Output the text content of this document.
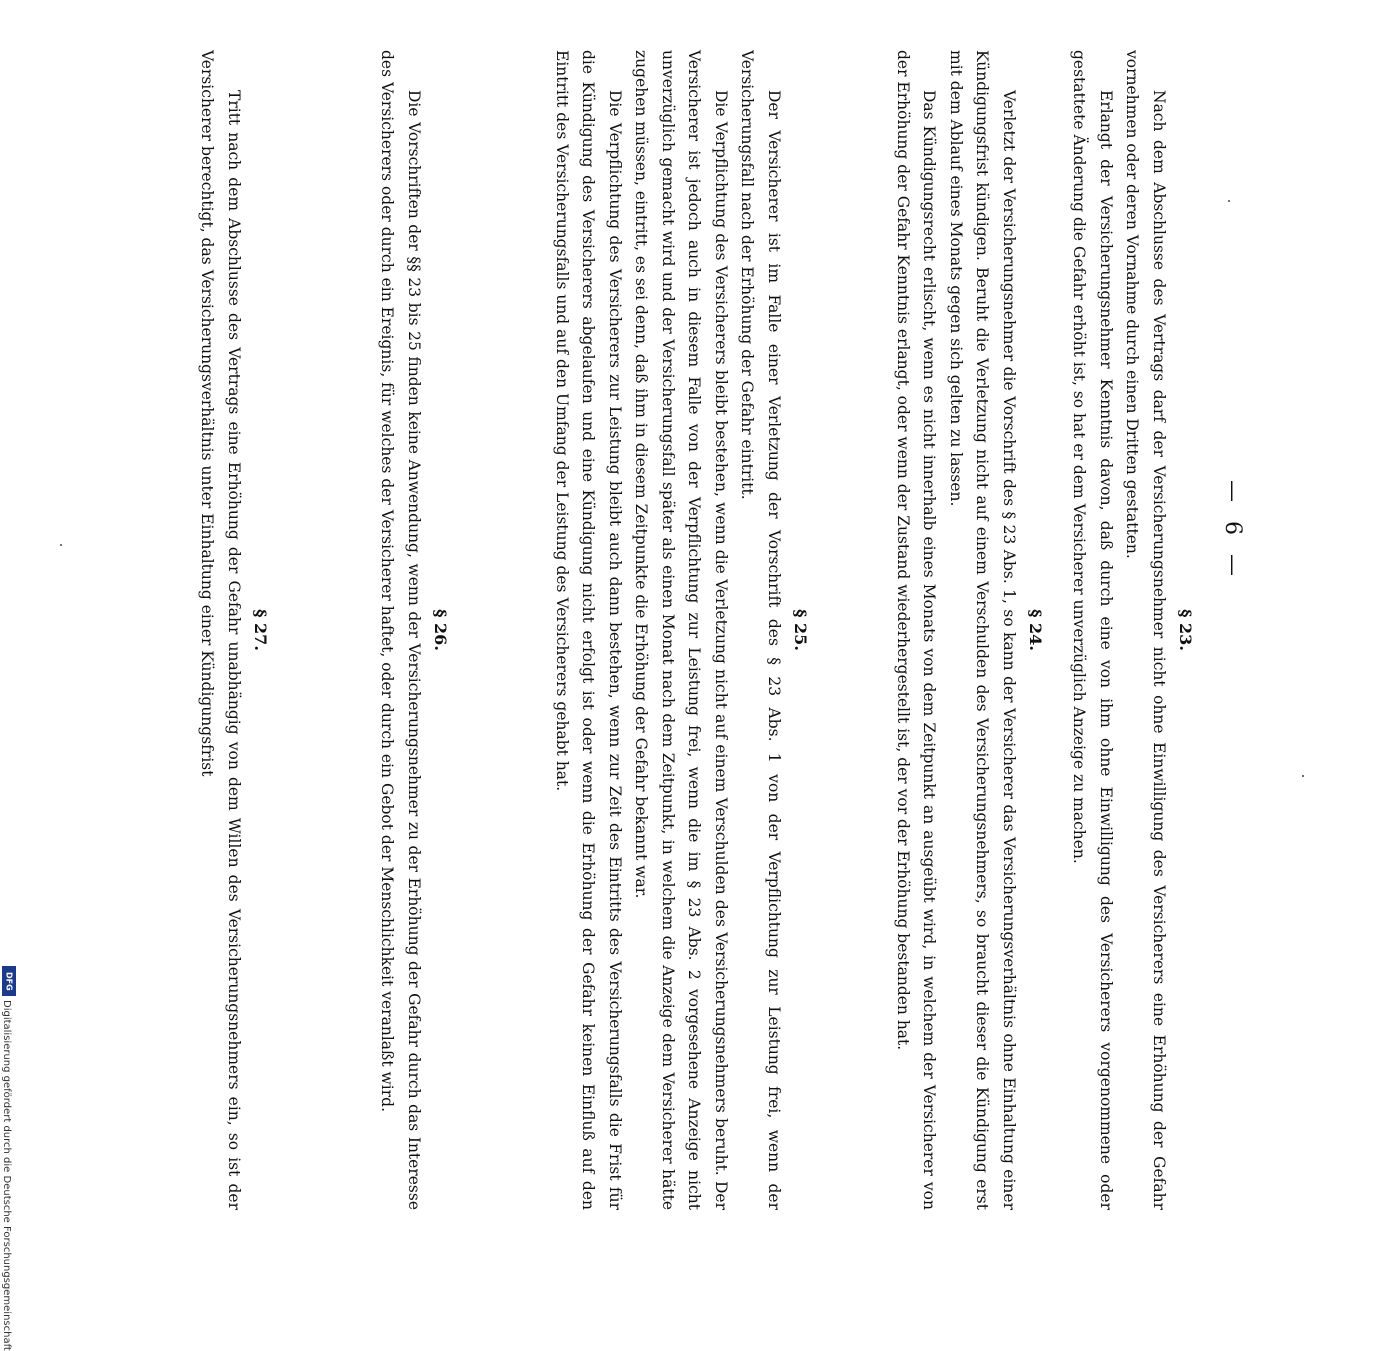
— 6 —

§ 23.

Nach dem Abschlusse des Vertrags darf der Versicherungsnehmer nicht ohne Einwilligung des Versicherers eine Erhöhung der Gefahr vornehmen oder deren Vornahme durch einen Dritten gestatten.

Erlangt der Versicherungsnehmer Kenntnis davon, daß durch eine von ihm ohne Einwilligung des Versicherers vorgenommene oder gestattete Änderung die Gefahr erhöht ist, so hat er dem Versicherer unverzüglich Anzeige zu machen.

§ 24.

Verletzt der Versicherungsnehmer die Vorschrift des § 23 Abs. 1, so kann der Versicherer das Versicherungsverhältnis ohne Einhaltung einer Kündigungsfrist kündigen. Beruht die Verletzung nicht auf einem Verschulden des Versicherungsnehmers, so braucht dieser die Kündigung erst mit dem Ablauf eines Monats gegen sich gelten zu lassen.

Das Kündigungsrecht erlischt, wenn es nicht innerhalb eines Monats von dem Zeitpunkt an ausgeübt wird, in welchem der Versicherer von der Erhöhung der Gefahr Kenntnis erlangt, oder wenn der Zustand wiederhergestellt ist, der vor der Erhöhung bestanden hat.

§ 25.

Der Versicherer ist im Falle einer Verletzung der Vorschrift des § 23 Abs. 1 von der Verpflichtung zur Leistung frei, wenn der Versicherungsfall nach der Erhöhung der Gefahr eintritt.

Die Verpflichtung des Versicherers bleibt bestehen, wenn die Verletzung nicht auf einem Verschulden des Versicherungsnehmers beruht. Der Versicherer ist jedoch auch in diesem Falle von der Verpflichtung zur Leistung frei, wenn die im § 23 Abs. 2 vorgesehene Anzeige nicht unverzüglich gemacht wird und der Versicherungsfall später als einen Monat nach dem Zeitpunkt, in welchem die Anzeige dem Versicherer hätte zugehen müssen, eintritt, es sei denn, daß ihm in diesem Zeitpunkte die Erhöhung der Gefahr bekannt war.

Die Verpflichtung des Versicherers zur Leistung bleibt auch dann bestehen, wenn zur Zeit des Eintritts des Versicherungsfalls die Frist für die Kündigung des Versicherers abgelaufen und eine Kündigung nicht erfolgt ist oder wenn die Erhöhung der Gefahr keinen Einfluß auf den Eintritt des Versicherungsfalls und auf den Umfang der Leistung des Versicherers gehabt hat.

§ 26.

Die Vorschriften der §§ 23 bis 25 finden keine Anwendung, wenn der Versicherungsnehmer zu der Erhöhung der Gefahr durch das Interesse des Versicherers oder durch ein Ereignis, für welches der Versicherer haftet, oder durch ein Gebot der Menschlichkeit veranlaßt wird.

§ 27.

Tritt nach dem Abschlusse des Vertrags eine Erhöhung der Gefahr unabhängig von dem Willen des Versicherungsnehmers ein, so ist der Versicherer berechtigt, das Versicherungsverhältnis unter Einhaltung einer Kündigungsfrist

Digitalisierung gefördert durch die Deutsche Forschungsgemeinschaft
DFG
